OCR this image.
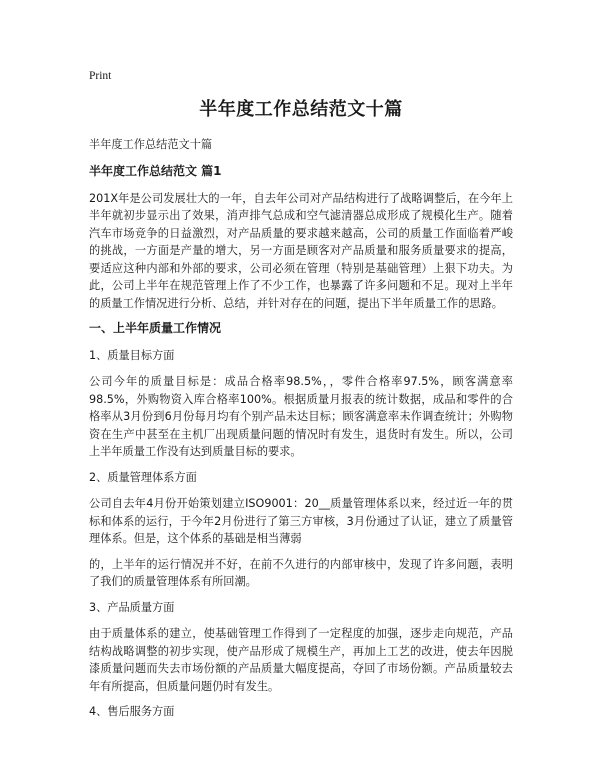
Print
半年度工作总结范文十篇
半年度工作总结范文十篇
半年度工作总结范文 篇1
201X年是公司发展壮大的一年，自去年公司对产品结构进行了战略调整后，在今年上半年就初步显示出了效果，消声排气总成和空气滤清器总成形成了规模化生产。随着汽车市场竞争的日益激烈，对产品质量的要求越来越高，公司的质量工作面临着严峻的挑战，一方面是产量的增大，另一方面是顾客对产品质量和服务质量要求的提高，要适应这种内部和外部的要求，公司必须在管理（特别是基础管理）上狠下功夫。为此，公司上半年在规范管理上作了不少工作，也暴露了许多问题和不足。现对上半年的质量工作情况进行分析、总结，并针对存在的问题，提出下半年质量工作的思路。
一、上半年质量工作情况
1、质量目标方面
公司今年的质量目标是：成品合格率98.5%，，零件合格率97.5%，顾客满意率98.5%，外购物资入库合格率100%。根据质量月报表的统计数据，成品和零件的合格率从3月份到6月份每月均有个别产品未达目标；顾客满意率未作调查统计；外购物资在生产中甚至在主机厂出现质量问题的情况时有发生，退货时有发生。所以，公司上半年质量工作没有达到质量目标的要求。
2、质量管理体系方面
公司自去年4月份开始策划建立ISO9001：20__质量管理体系以来，经过近一年的贯标和体系的运行，于今年2月份进行了第三方审核，3月份通过了认证，建立了质量管理体系。但是，这个体系的基础是相当薄弱
的，上半年的运行情况并不好，在前不久进行的内部审核中，发现了许多问题，表明了我们的质量管理体系有所回潮。
3、产品质量方面
由于质量体系的建立，使基础管理工作得到了一定程度的加强，逐步走向规范，产品结构战略调整的初步实现，使产品形成了规模生产，再加上工艺的改进，使去年因脱漆质量问题而失去市场份额的产品质量大幅度提高，夺回了市场份额。产品质量较去年有所提高，但质量问题仍时有发生。
4、售后服务方面
